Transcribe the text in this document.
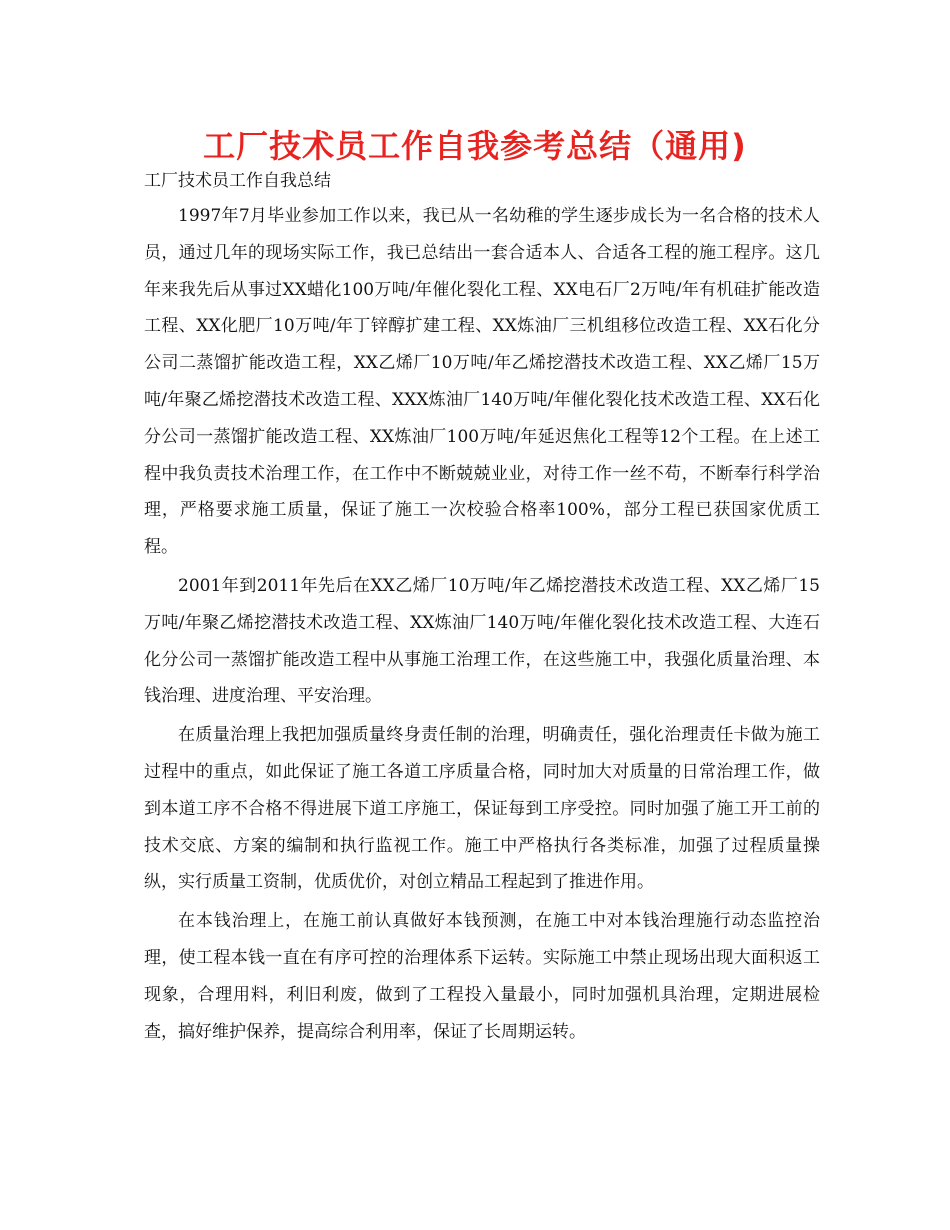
工厂技术员工作自我参考总结（通用)
工厂技术员工作自我总结

1997年7月毕业参加工作以来，我已从一名幼稚的学生逐步成长为一名合格的技术人员，通过几年的现场实际工作，我已总结出一套合适本人、合适各工程的施工程序。这几年来我先后从事过XX蜡化100万吨/年催化裂化工程、XX电石厂2万吨/年有机硅扩能改造工程、XX化肥厂10万吨/年丁锌醇扩建工程、XX炼油厂三机组移位改造工程、XX石化分公司二蒸馏扩能改造工程，XX乙烯厂10万吨/年乙烯挖潜技术改造工程、XX乙烯厂15万吨/年聚乙烯挖潜技术改造工程、XXX炼油厂140万吨/年催化裂化技术改造工程、XX石化分公司一蒸馏扩能改造工程、XX炼油厂100万吨/年延迟焦化工程等12个工程。在上述工程中我负责技术治理工作，在工作中不断兢兢业业，对待工作一丝不苟，不断奉行科学治理，严格要求施工质量，保证了施工一次校验合格率100%，部分工程已获国家优质工程。

2001年到2011年先后在XX乙烯厂10万吨/年乙烯挖潜技术改造工程、XX乙烯厂15万吨/年聚乙烯挖潜技术改造工程、XX炼油厂140万吨/年催化裂化技术改造工程、大连石化分公司一蒸馏扩能改造工程中从事施工治理工作，在这些施工中，我强化质量治理、本钱治理、进度治理、平安治理。

在质量治理上我把加强质量终身责任制的治理，明确责任，强化治理责任卡做为施工过程中的重点，如此保证了施工各道工序质量合格，同时加大对质量的日常治理工作，做到本道工序不合格不得进展下道工序施工，保证每到工序受控。同时加强了施工开工前的技术交底、方案的编制和执行监视工作。施工中严格执行各类标准，加强了过程质量操纵，实行质量工资制，优质优价，对创立精品工程起到了推进作用。

在本钱治理上，在施工前认真做好本钱预测，在施工中对本钱治理施行动态监控治理，使工程本钱一直在有序可控的治理体系下运转。实际施工中禁止现场出现大面积返工现象，合理用料，利旧利废，做到了工程投入量最小，同时加强机具治理，定期进展检查，搞好维护保养，提高综合利用率，保证了长周期运转。
